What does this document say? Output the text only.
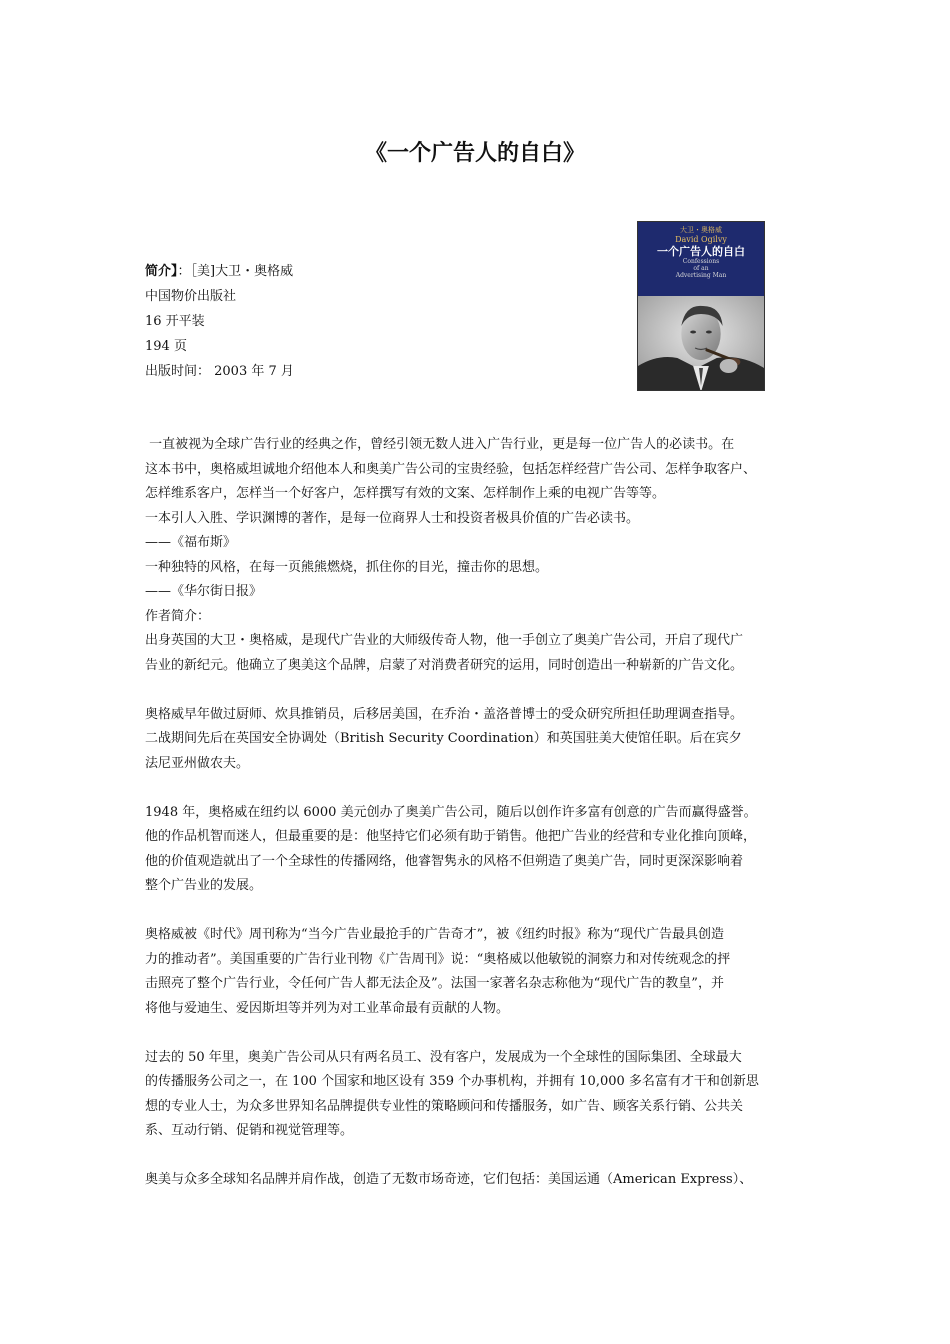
《一个广告人的自白》
简介】：［美]大卫・奥格威
中国物价出版社
16 开平装
194 页
出版时间： 2003 年 7 月
大卫・奥格威
David Ogilvy
一个广告人的自白
Confessions
of an
Advertising Man

一直被视为全球广告行业的经典之作，曾经引领无数人进入广告行业，更是每一位广告人的必读书。在
这本书中，奥格威坦诚地介绍他本人和奥美广告公司的宝贵经验，包括怎样经营广告公司、怎样争取客户、
怎样维系客户，怎样当一个好客户，怎样撰写有效的文案、怎样制作上乘的电视广告等等。

一本引人入胜、学识渊博的著作，是每一位商界人士和投资者极具价值的广告必读书。

——《福布斯》

一种独特的风格，在每一页熊熊燃烧，抓住你的目光，撞击你的思想。

——《华尔街日报》

作者简介：

出身英国的大卫・奥格威，是现代广告业的大师级传奇人物，他一手创立了奥美广告公司，开启了现代广
告业的新纪元。他确立了奥美这个品牌，启蒙了对消费者研究的运用，同时创造出一种崭新的广告文化。

奥格威早年做过厨师、炊具推销员，后移居美国，在乔治・盖洛普博士的受众研究所担任助理调查指导。
二战期间先后在英国安全协调处（British Security Coordination）和英国驻美大使馆任职。后在宾夕
法尼亚州做农夫。

1948 年，奥格威在纽约以 6000 美元创办了奥美广告公司，随后以创作许多富有创意的广告而赢得盛誉。
他的作品机智而迷人，但最重要的是：他坚持它们必须有助于销售。他把广告业的经营和专业化推向顶峰，
他的价值观造就出了一个全球性的传播网络，他睿智隽永的风格不但朔造了奥美广告，同时更深深影响着
整个广告业的发展。

奥格威被《时代》周刊称为“当今广告业最抢手的广告奇才”，被《纽约时报》称为“现代广告最具创造
力的推动者”。美国重要的广告行业刊物《广告周刊》说：“奥格威以他敏锐的洞察力和对传统观念的抨
击照亮了整个广告行业，令任何广告人都无法企及”。法国一家著名杂志称他为“现代广告的教皇”，并
将他与爱迪生、爱因斯坦等并列为对工业革命最有贡献的人物。

过去的 50 年里，奥美广告公司从只有两名员工、没有客户，发展成为一个全球性的国际集团、全球最大
的传播服务公司之一，在 100 个国家和地区设有 359 个办事机构，并拥有 10,000 多名富有才干和创新思
想的专业人士，为众多世界知名品牌提供专业性的策略顾问和传播服务，如广告、顾客关系行销、公共关
系、互动行销、促销和视觉管理等。

奥美与众多全球知名品牌并肩作战，创造了无数市场奇迹，它们包括：美国运通（American Express）、
